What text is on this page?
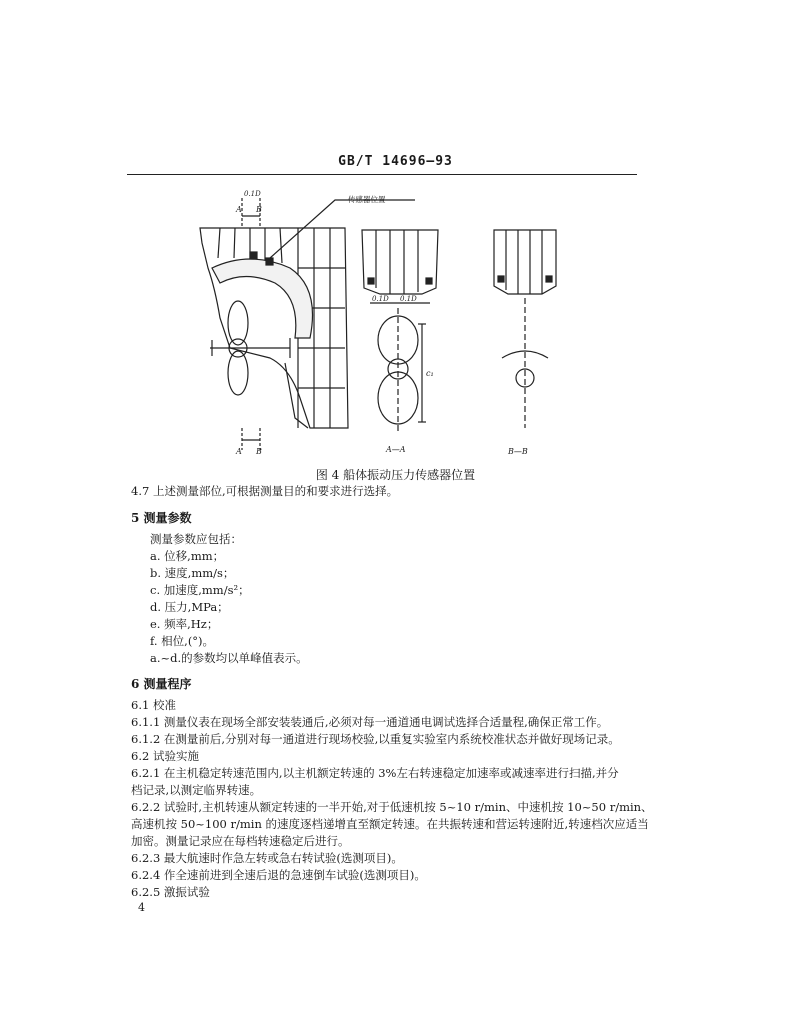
GB/T 14696—93
传感器位置
0.1D
A B
A B
0.1D 0.1D
c₁
A—A	B—B
图 4 船体振动压力传感器位置
4.7 上述测量部位,可根据测量目的和要求进行选择。
5 测量参数
测量参数应包括：
a. 位移,mm；
b. 速度,mm/s；
c. 加速度,mm/s²；
d. 压力,MPa；
e. 频率,Hz；
f. 相位,(°)。
a.~d.的参数均以单峰值表示。
6 测量程序
6.1 校准
6.1.1 测量仪表在现场全部安装装通后,必须对每一通道通电调试选择合适量程,确保正常工作。
6.1.2 在测量前后,分别对每一通道进行现场校验,以重复实验室内系统校准状态并做好现场记录。
6.2 试验实施
6.2.1 在主机稳定转速范围内,以主机额定转速的 3%左右转速稳定加速率或减速率进行扫描,并分
档记录,以测定临界转速。
6.2.2 试验时,主机转速从额定转速的一半开始,对于低速机按 5~10 r/min、中速机按 10~50 r/min、
高速机按 50~100 r/min 的速度逐档递增直至额定转速。在共振转速和营运转速附近,转速档次应适当
加密。测量记录应在每档转速稳定后进行。
6.2.3 最大航速时作急左转或急右转试验(选测项目)。
6.2.4 作全速前进到全速后退的急速倒车试验(选测项目)。
6.2.5 激振试验
4
